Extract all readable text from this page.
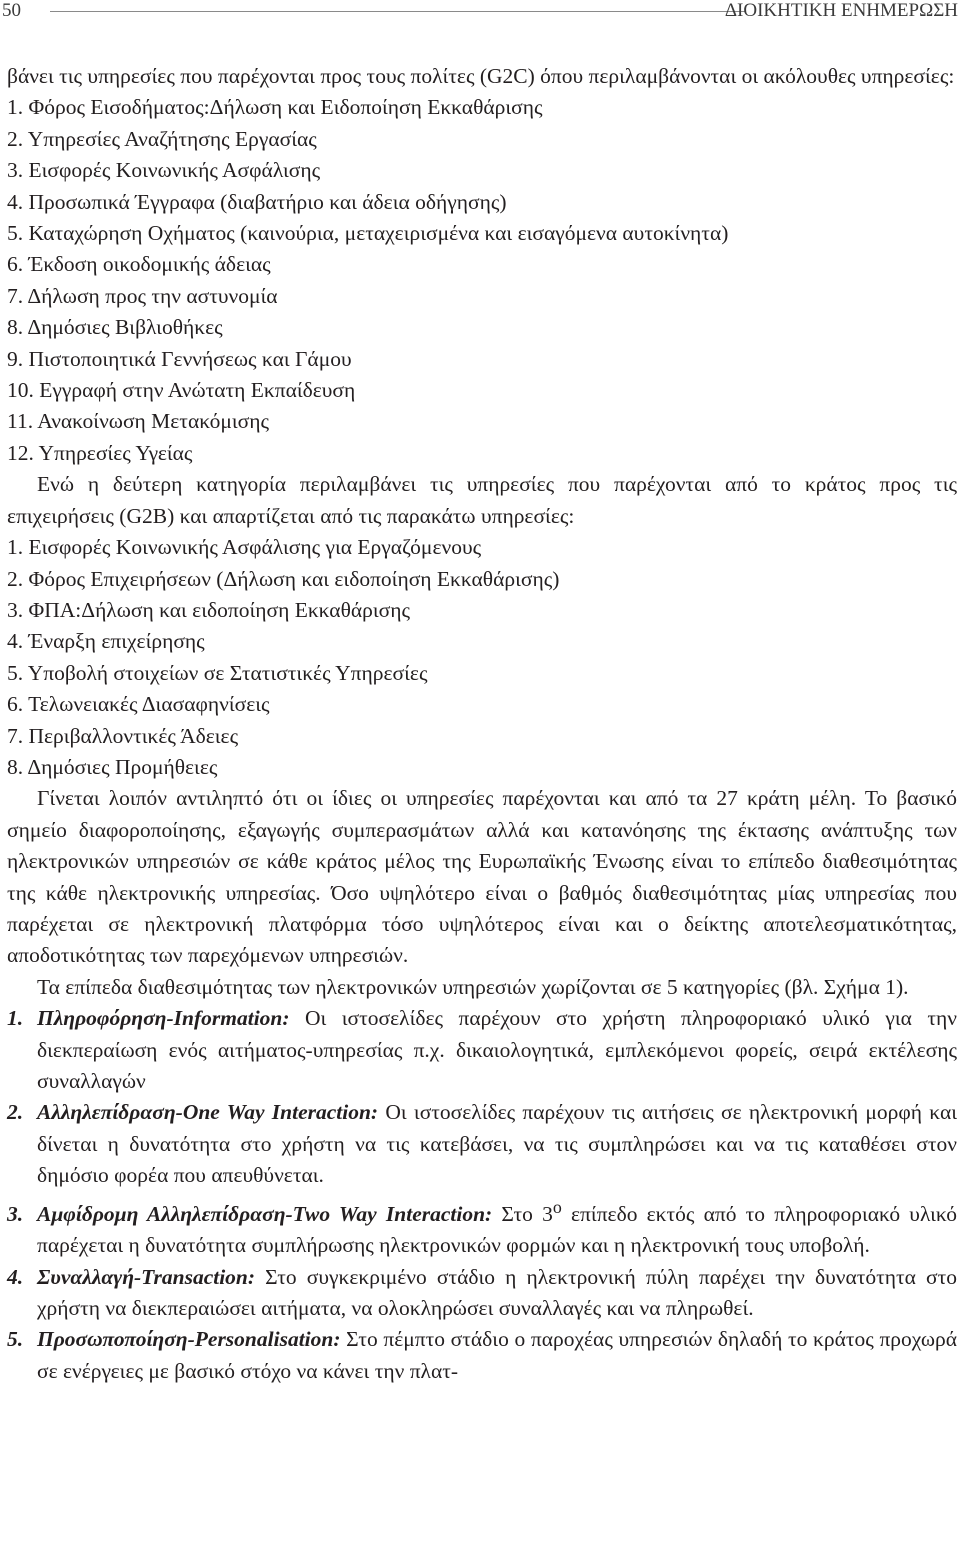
50	ΔΙΟΙΚΗΤΙΚΗ ΕΝΗΜΕΡΩΣΗ

βάνει τις υπηρεσίες που παρέχονται προς τους πολίτες (G2C) όπου περιλαμβάνονται οι ακόλουθες υπηρεσίες:

1. Φόρος Εισοδήματος:Δήλωση και Ειδοποίηση Εκκαθάρισης
2. Υπηρεσίες Αναζήτησης Εργασίας
3. Εισφορές Κοινωνικής Ασφάλισης
4. Προσωπικά Έγγραφα (διαβατήριο και άδεια οδήγησης)
5. Καταχώρηση Οχήματος (καινούρια, μεταχειρισμένα και εισαγόμενα αυτοκίνητα)
6. Έκδοση οικοδομικής άδειας
7. Δήλωση προς την αστυνομία
8. Δημόσιες Βιβλιοθήκες
9. Πιστοποιητικά Γεννήσεως και Γάμου
10. Εγγραφή στην Ανώτατη Εκπαίδευση
11. Ανακοίνωση Μετακόμισης
12. Υπηρεσίες Υγείας

Ενώ η δεύτερη κατηγορία περιλαμβάνει τις υπηρεσίες που παρέχονται από το κράτος προς τις επιχειρήσεις (G2B) και απαρτίζεται από τις παρακάτω υπηρεσίες:

1. Εισφορές Κοινωνικής Ασφάλισης για Εργαζόμενους
2. Φόρος Επιχειρήσεων (Δήλωση και ειδοποίηση Εκκαθάρισης)
3. ΦΠΑ:Δήλωση και ειδοποίηση Εκκαθάρισης
4. Έναρξη επιχείρησης
5. Υποβολή στοιχείων σε Στατιστικές Υπηρεσίες
6. Τελωνειακές Διασαφηνίσεις
7. Περιβαλλοντικές Άδειες
8. Δημόσιες Προμήθειες

Γίνεται λοιπόν αντιληπτό ότι οι ίδιες οι υπηρεσίες παρέχονται και από τα 27 κράτη μέλη. Το βασικό σημείο διαφοροποίησης, εξαγωγής συμπερασμάτων αλλά και κατανόησης της έκτασης ανάπτυξης των ηλεκτρονικών υπηρεσιών σε κάθε κράτος μέλος της Ευρωπαϊκής Ένωσης είναι το επίπεδο διαθεσιμότητας της κάθε ηλεκτρονικής υπηρεσίας. Όσο υψηλότερο είναι ο βαθμός διαθεσιμότητας μίας υπηρεσίας που παρέχεται σε ηλεκτρονική πλατφόρμα τόσο υψηλότερος είναι και ο δείκτης αποτελεσματικότητας, αποδοτικότητας των παρεχόμενων υπηρεσιών.

Τα επίπεδα διαθεσιμότητας των ηλεκτρονικών υπηρεσιών χωρίζονται σε 5 κατηγορίες (βλ. Σχήμα 1).

1. Πληροφόρηση-Information: Οι ιστοσελίδες παρέχουν στο χρήστη πληροφοριακό υλικό για την διεκπεραίωση ενός αιτήματος-υπηρεσίας π.χ. δικαιολογητικά, εμπλεκόμενοι φορείς, σειρά εκτέλεσης συναλλαγών
2. Αλληλεπίδραση-One Way Interaction: Οι ιστοσελίδες παρέχουν τις αιτήσεις σε ηλεκτρονική μορφή και δίνεται η δυνατότητα στο χρήστη να τις κατεβάσει, να τις συμπληρώσει και να τις καταθέσει στον δημόσιο φορέα που απευθύνεται.
3. Αμφίδρομη Αλληλεπίδραση-Two Way Interaction: Στο $3^o$ επίπεδο εκτός από το πληροφοριακό υλικό παρέχεται η δυνατότητα συμπλήρωσης ηλεκτρονικών φορμών και η ηλεκτρονική τους υποβολή.
4. Συναλλαγή-Transaction: Στο συγκεκριμένο στάδιο η ηλεκτρονική πύλη παρέχει την δυνατότητα στο χρήστη να διεκπεραιώσει αιτήματα, να ολοκληρώσει συναλλαγές και να πληρωθεί.
5. Προσωποποίηση-Personalisation: Στο πέμπτο στάδιο ο παροχέας υπηρεσιών δηλαδή το κράτος προχωρά σε ενέργειες με βασικό στόχο να κάνει την πλατ-
